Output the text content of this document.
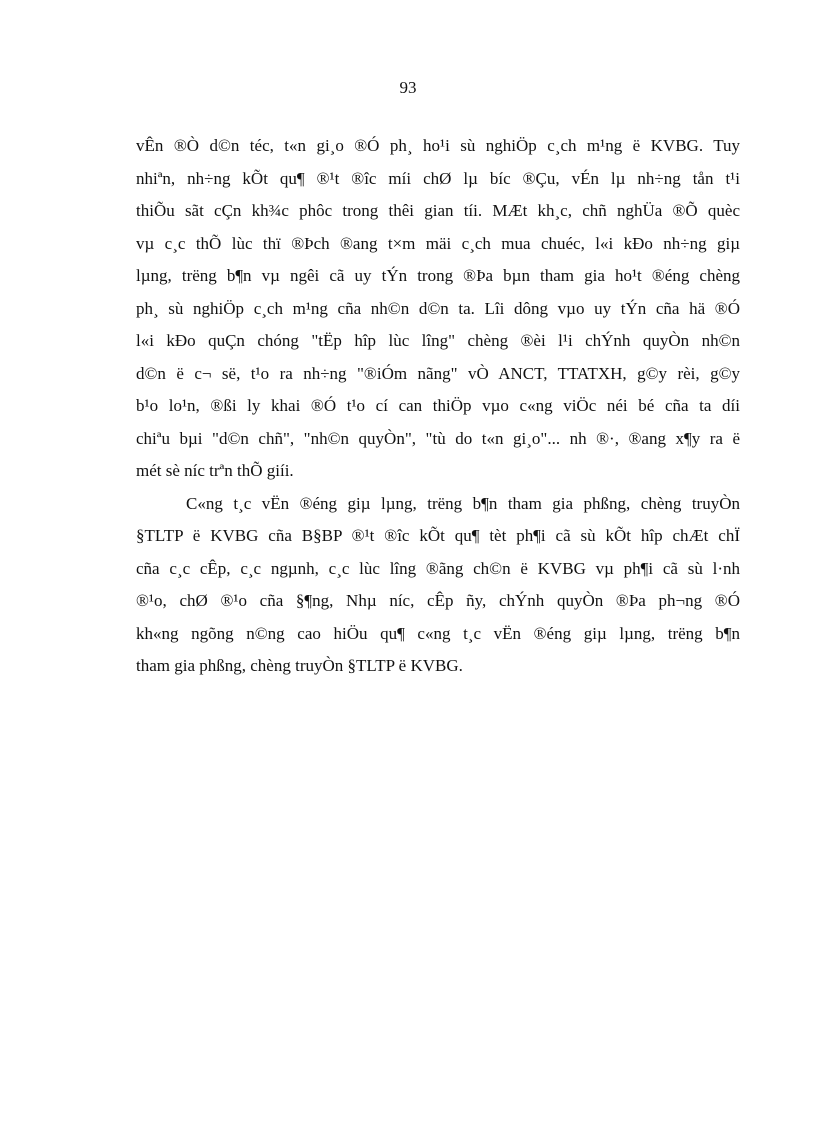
93
vÊn ®Ò d©n téc, t«n gi¸o ®Ó ph¸ ho¹i sù nghiÖp c¸ch m¹ng ë KVBG. Tuy
nhiªn, nh÷ng kÕt qu¶ ®¹t ®îc míi chØ lµ bíc ®Çu, vÉn lµ nh÷ng tån t¹i
thiÕu sãt cÇn kh¾c phôc trong thêi gian tíi. MÆt kh¸c, chñ nghÜa ®Õ quèc
vµ c¸c thÕ lùc thï ®Þch ®ang t×m mäi c¸ch mua chuéc, l«i kÐo nh÷ng giµ
lµng, trëng b¶n vµ ngêi cã uy tÝn trong ®Þa bµn tham gia ho¹t ®éng chèng
ph¸ sù nghiÖp c¸ch m¹ng cña nh©n d©n ta. Lîi dông vµo uy tÝn cña hä ®Ó
l«i kÐo quÇn chóng "tËp hîp lùc lîng" chèng ®èi l¹i chÝnh quyÒn nh©n
d©n ë c¬ së, t¹o ra nh÷ng "®iÓm nãng" vÒ ANCT, TTATXH, g©y rèi, g©y
b¹o lo¹n, ®ßi ly khai ®Ó t¹o cí can thiÖp vµo c«ng viÖc néi bé cña ta díi
chiªu bµi "d©n chñ", "nh©n quyÒn", "tù do t«n gi¸o"... nh ®·, ®ang x¶y ra ë
mét sè níc trªn thÕ giíi.
C«ng t¸c vËn ®éng giµ lµng, trëng b¶n tham gia phßng, chèng truyÒn
§TLTP ë KVBG cña B§BP ®¹t ®îc kÕt qu¶ tèt ph¶i cã sù kÕt hîp chÆt chÏ
cña c¸c cÊp, c¸c ngµnh, c¸c lùc lîng ®ãng ch©n ë KVBG vµ ph¶i cã sù l·nh
®¹o, chØ ®¹o cña §¶ng, Nhµ níc, cÊp ñy, chÝnh quyÒn ®Þa ph¬ng ®Ó
kh«ng ngõng n©ng cao hiÖu qu¶ c«ng t¸c vËn ®éng giµ lµng, trëng b¶n
tham gia phßng, chèng truyÒn §TLTP ë KVBG.
